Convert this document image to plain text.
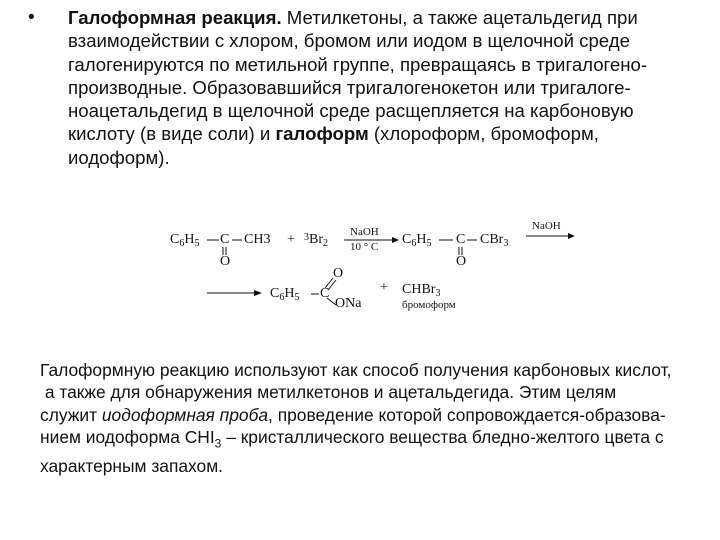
• Галоформная реакция. Метилкетоны, а также ацетальдегид при
взаимодействии с хлором, бромом или иодом в щелочной среде
галогенируются по метильной группе, превращаясь в тригалогено-
производные. Образовавшийся тригалогенокетон или тригалоге-
ноацетальдегид в щелочной среде расщепляется на карбоновую
кислоту (в виде соли) и галоформ (хлороформ, бромоформ,
иодоформ).

$C_6H_5$ C CH3
O
+ $^3Br_2$
NaOH
10 ° C $C_6H_5$ C CBr$_3$
O
NaOH
$C_6H_5$ C
O
ONa
+ CHBr$_3$
бромоформ

Галоформную реакцию используют как способ получения карбоновых кислот,
а также для обнаружения метилкетонов и ацетальдегида. Этим целям
служит иодоформная проба, проведение которой сопровождается-образова-
нием иодоформа $СНI_3$ – кристаллического вещества бледно-желтого цвета с
характерным запахом.
